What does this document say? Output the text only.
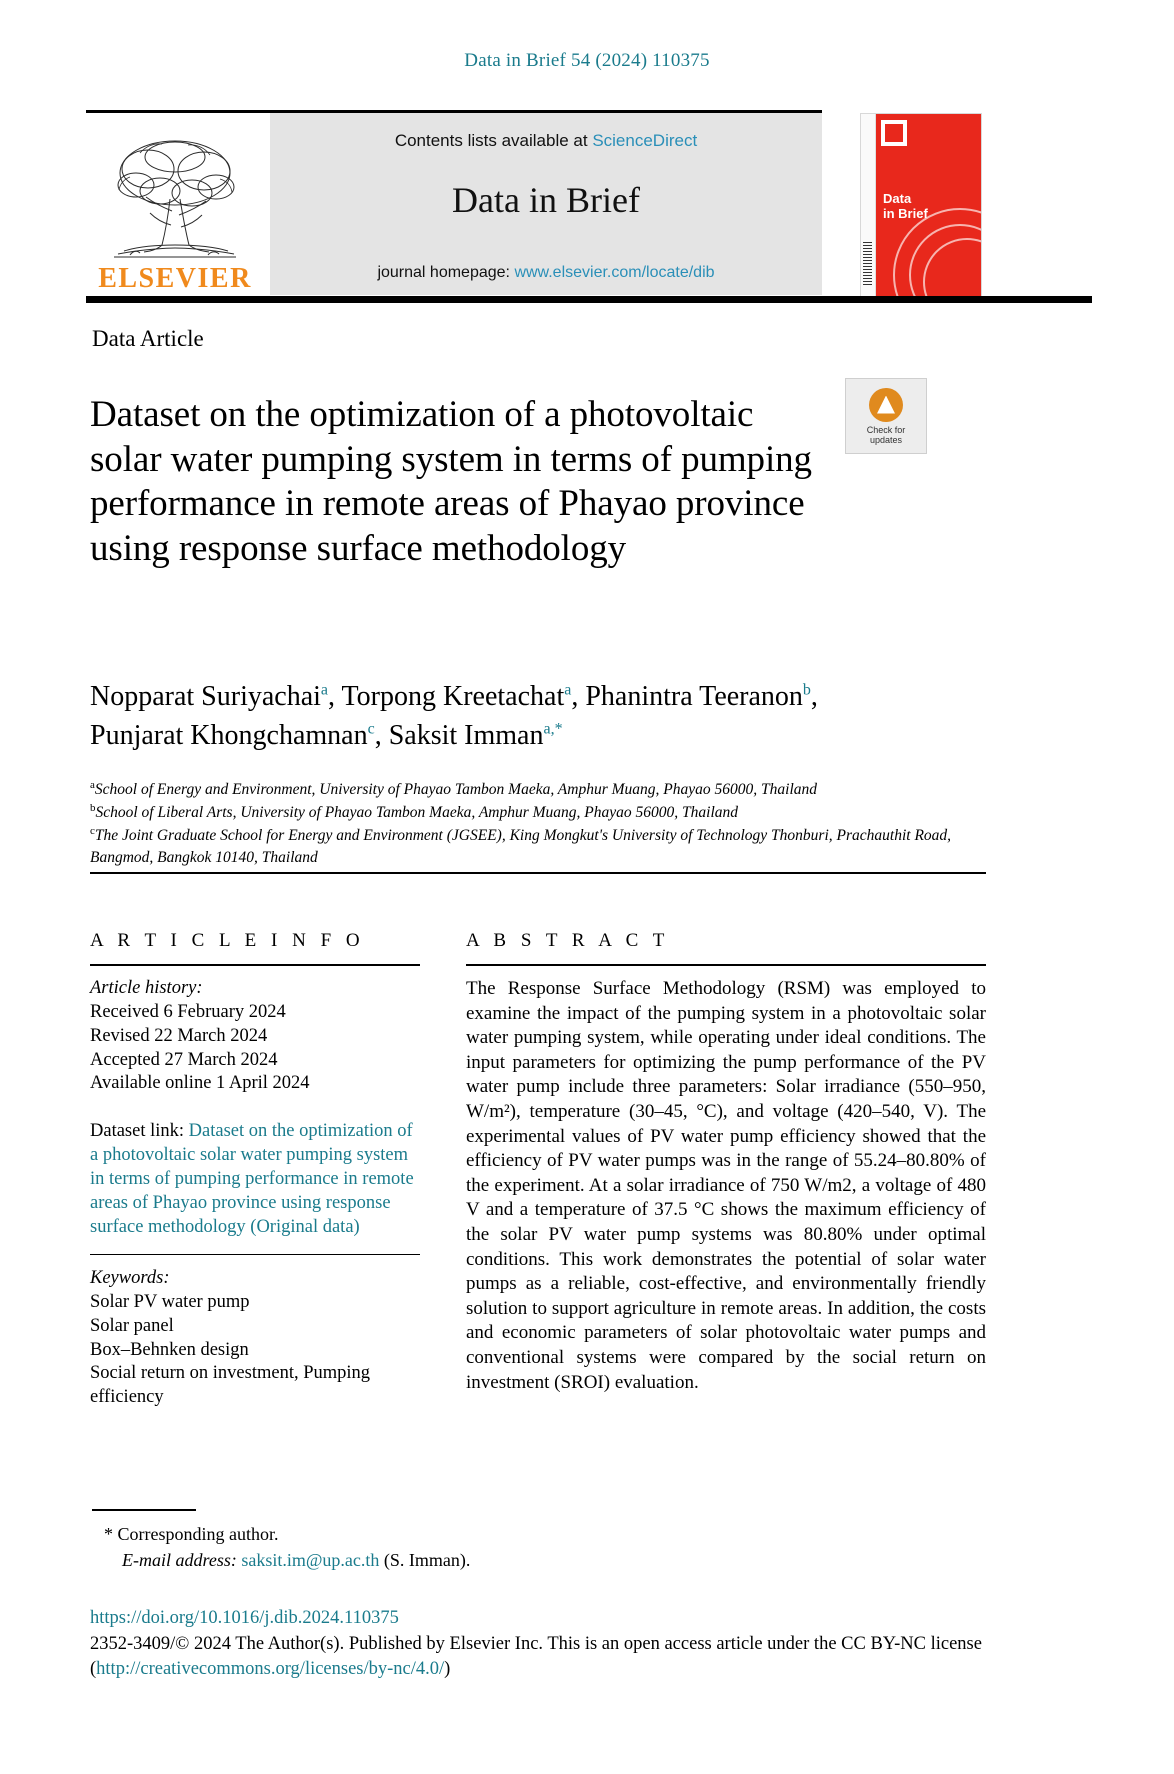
Data in Brief 54 (2024) 110375
ELSEVIER
Contents lists available at ScienceDirect
Data in Brief
journal homepage: www.elsevier.com/locate/dib
Data
in Brief
Data Article
Dataset on the optimization of a photovoltaic solar water pumping system in terms of pumping performance in remote areas of Phayao province using response surface methodology
Check for
updates
Nopparat Suriyachai$^a$, Torpong Kreetachat$^a$, Phanintra Teeranon$^b$,
Punjarat Khongchamnan$^c$, Saksit Imman$^{a,*}$
$^a$School of Energy and Environment, University of Phayao Tambon Maeka, Amphur Muang, Phayao 56000, Thailand
$^b$School of Liberal Arts, University of Phayao Tambon Maeka, Amphur Muang, Phayao 56000, Thailand
$^c$The Joint Graduate School for Energy and Environment (JGSEE), King Mongkut's University of Technology Thonburi, Prachauthit Road, Bangmod, Bangkok 10140, Thailand
A R T I C L E I N F O
Article history:
Received 6 February 2024
Revised 22 March 2024
Accepted 27 March 2024
Available online 1 April 2024
Dataset link: Dataset on the optimization of a photovoltaic solar water pumping system in terms of pumping performance in remote areas of Phayao province using response surface methodology (Original data)
Keywords:
Solar PV water pump
Solar panel
Box–Behnken design
Social return on investment, Pumping efficiency
A B S T R A C T
The Response Surface Methodology (RSM) was employed to examine the impact of the pumping system in a photovoltaic solar water pumping system, while operating under ideal conditions. The input parameters for optimizing the pump performance of the PV water pump include three parameters: Solar irradiance (550–950, W/m²), temperature (30–45, °C), and voltage (420–540, V). The experimental values of PV water pump efficiency showed that the efficiency of PV water pumps was in the range of 55.24–80.80% of the experiment. At a solar irradiance of 750 W/m2, a voltage of 480 V and a temperature of 37.5 °C shows the maximum efficiency of the solar PV water pump systems was 80.80% under optimal conditions. This work demonstrates the potential of solar water pumps as a reliable, cost-effective, and environmentally friendly solution to support agriculture in remote areas. In addition, the costs and economic parameters of solar photovoltaic water pumps and conventional systems were compared by the social return on investment (SROI) evaluation.
* Corresponding author.
E-mail address: saksit.im@up.ac.th (S. Imman).
https://doi.org/10.1016/j.dib.2024.110375
2352-3409/© 2024 The Author(s). Published by Elsevier Inc. This is an open access article under the CC BY-NC license
(http://creativecommons.org/licenses/by-nc/4.0/)
